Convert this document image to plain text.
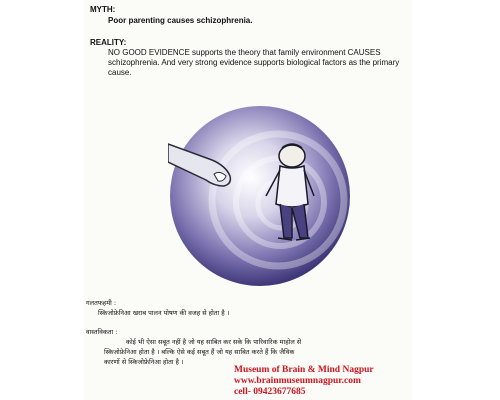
MYTH:
Poor parenting causes schizophrenia.
REALITY:
NO GOOD EVIDENCE supports the theory that family environment CAUSES schizophrenia. And very strong evidence supports biological factors as the primary cause.
गलतफहमी :
स्किजोफ्रेनिआ खराब पालन पोषण की वजह से होता है ।
वास्तविकता :
कोई भी ऐसा सबूत नहीं है जो यह साबित कर सके कि पारिवारिक माहोल से
स्किजोफ्रेनिआ होता है । बल्कि ऐसे कई सबूत हैं जो यह साबित करते हैं कि जैविक
कारणों से स्किजोफ्रेनिआ होता है ।
Museum of Brain & Mind Nagpur
www.brainmuseumnagpur.com
cell- 09423677685
